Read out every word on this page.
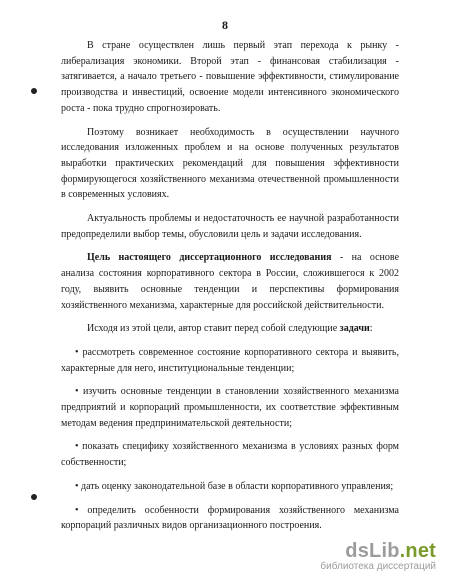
8

В стране осуществлен лишь первый этап перехода к рынку - либерализация экономики. Второй этап - финансовая стабилизация - затягивается, а начало третьего - повышение эффективности, стимулирование производства и инвестиций, освоение модели интенсивного экономического роста - пока трудно спрогнозировать.

Поэтому возникает необходимость в осуществлении научного исследования изложенных проблем и на основе полученных результатов выработки практических рекомендаций для повышения эффективности формирующегося хозяйственного механизма отечественной промышленности в современных условиях.

Актуальность проблемы и недостаточность ее научной разработанности предопределили выбор темы, обусловили цель и задачи исследования.

Цель настоящего диссертационного исследования - на основе анализа состояния корпоративного сектора в России, сложившегося к 2002 году, выявить основные тенденции и перспективы формирования хозяйственного механизма, характерные для российской действительности.

Исходя из этой цели, автор ставит перед собой следующие задачи:

• рассмотреть современное состояние корпоративного сектора и выявить, характерные для него, институциональные тенденции;

• изучить основные тенденции в становлении хозяйственного механизма предприятий и корпораций промышленности, их соответствие эффективным методам ведения предпринимательской деятельности;

• показать специфику хозяйственного механизма в условиях разных форм собственности;

• дать оценку законодательной базе в области корпоративного управления;

• определить особенности формирования хозяйственного механизма корпораций различных видов организационного построения.

dsLib.net
библиотека диссертаций
